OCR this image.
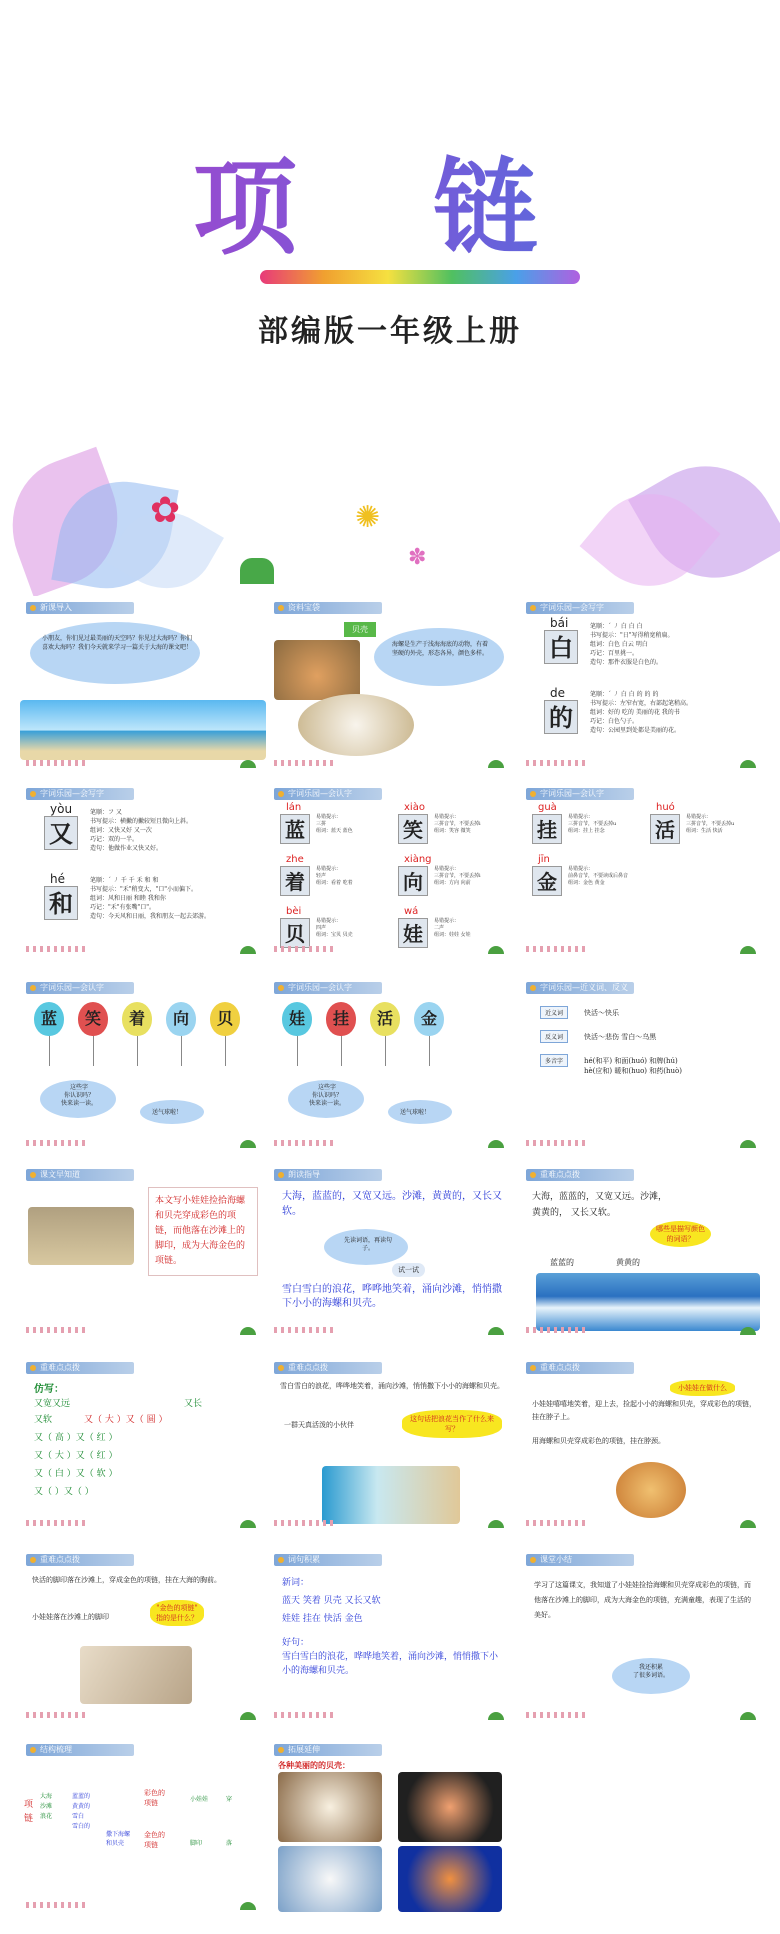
项 链
部编版一年级上册
✿	✺
✽
新课导入
小朋友，你们见过最美丽的天空吗？你见过大海吗？你们喜欢大海吗？我们今天就来学习一篇关于大海的课文吧！
资料宝袋
贝壳
海螺是生产于浅海海底的动物，有着坚硬的外壳，形态各异，颜色多样。
字词乐园—会写字
bái
白
笔顺：´ ㇓ 白 白 白
书写提示："日"写得稍宽稍扁。
组词：白色 白云 明白
巧记：百里挑一。
造句：那件衣服是白色的。
de
的
笔顺：´ ㇓ 白 白 的 的 的
书写提示：左窄右宽，右部起笔稍高。
组词：好的 吃的 美丽的花 我的书
巧记：白色勺子。
造句：公园里到处都是美丽的花。
字词乐园—会写字
yòu
又
笔顺：フ 又
书写提示：横撇的撇较短且微向上斜。
组词：又快又好 又一次
巧记：双的一半。
造句：他做作业又快又好。
hé
和
笔顺：´ ㇓ 千 千 禾 和 和
书写提示："禾"稍变大，"口"小而偏下。
组词：风和日丽 和睦 我和你
巧记："禾"有张嘴"口"。
造句：今天风和日丽，我和朋友一起去郊游。
字词乐园—会认字
lán
蓝
易错提示：
三拼
组词：蓝天 蓝色
xiào
笑
易错提示：
三拼音节，不要丢掉i
组词：笑容 微笑
zhe
着
易错提示：
轻声
组词：看着 吃着
xiàng
向
易错提示：
三拼音节，不要丢掉i
组词：方向 向前
bèi
贝
易错提示：
四声
组词：宝贝 贝壳
wá
娃
易错提示：
二声
组词：娃娃 女娃
字词乐园—会认字
guà
挂
易错提示：
三拼音节，不要丢掉u
组词：挂上 挂念
huó
活
易错提示：
三拼音节，不要丢掉u
组词：生活 快活
jīn
金
易错提示：
前鼻音节，不要读成后鼻音
组词：金色 黄金
字词乐园—会认字
蓝	笑	着	向	贝
这些字
你认识吗？
快来读一读。
送气球啦！
字词乐园—会认字
娃	挂	活	金
这些字
你认识吗？
快来读一读。
送气球啦！
字词乐园—近义词、反义词、多音字
近义词	快活～快乐
反义词	快活～悲伤 雪白～乌黑
多音字	hé(和平) 和面(huó) 和牌(hú)
hè(应和) 暖和(huo) 和药(huò)
课文早知道
本文写小娃娃捡拾海螺和贝壳穿成彩色的项链，而他落在沙滩上的脚印，成为大海金色的项链。
朗读指导
大海，蓝蓝的，又宽又远。沙滩，黄黄的，又长又软。
先读词语，再读句子。
试一试
雪白雪白的浪花，哗哗地笑着，涌向沙滩，悄悄撒下小小的海螺和贝壳。
重难点点拨
大海，蓝蓝的，又宽又远。沙滩，
黄黄的， 又长又软。
哪些是描写颜色
的词语？
蓝蓝的	黄黄的
重难点点拨
仿写：
又宽又远	又长
又软	又（ 大 ）又（ 圆 ）
又（ 高 ）又（ 红 ）
又（ 大 ）又（ 红 ）
又（ 白 ）又（ 软 ）
又（ ）又（ ）
重难点点拨
雪白雪白的浪花，哗哗地笑着，涌向沙滩，悄悄撒下小小的海螺和贝壳。
一群天真活泼的小伙伴
这句话把浪花当作了什么来写？
重难点点拨
小娃娃在做什么
小娃娃嘻嘻地笑着，迎上去，捡起小小的海螺和贝壳，穿成彩色的项链，挂在脖子上。
用海螺和贝壳穿成彩色的项链，挂在脖颈。
重难点点拨
快活的脚印落在沙滩上，穿成金色的项链，挂在大海的胸前。
小娃娃落在沙滩上的脚印
"金色的项链"
指的是什么？
词句积累
新词：
蓝天 笑着 贝壳 又长又软
娃娃 挂在 快活 金色
好句：
雪白雪白的浪花，哗哗地笑着，涌向沙滩，悄悄撒下小小的海螺和贝壳。
课堂小结
学习了这篇课文，我知道了小娃娃捡拾海螺和贝壳穿成彩色的项链，而他落在沙滩上的脚印，成为大海金色的项链，充满童趣，表现了生活的美好。
我还积累
了很多词语。
结构梳理
项
链
大海
沙滩
浪花
蓝蓝的
黄黄的
雪白
雪白的
撒下海螺
和贝壳
彩色的
项链
金色的
项链
小娃娃
脚印
穿
落
拓展延伸
各种美丽的的贝壳：
